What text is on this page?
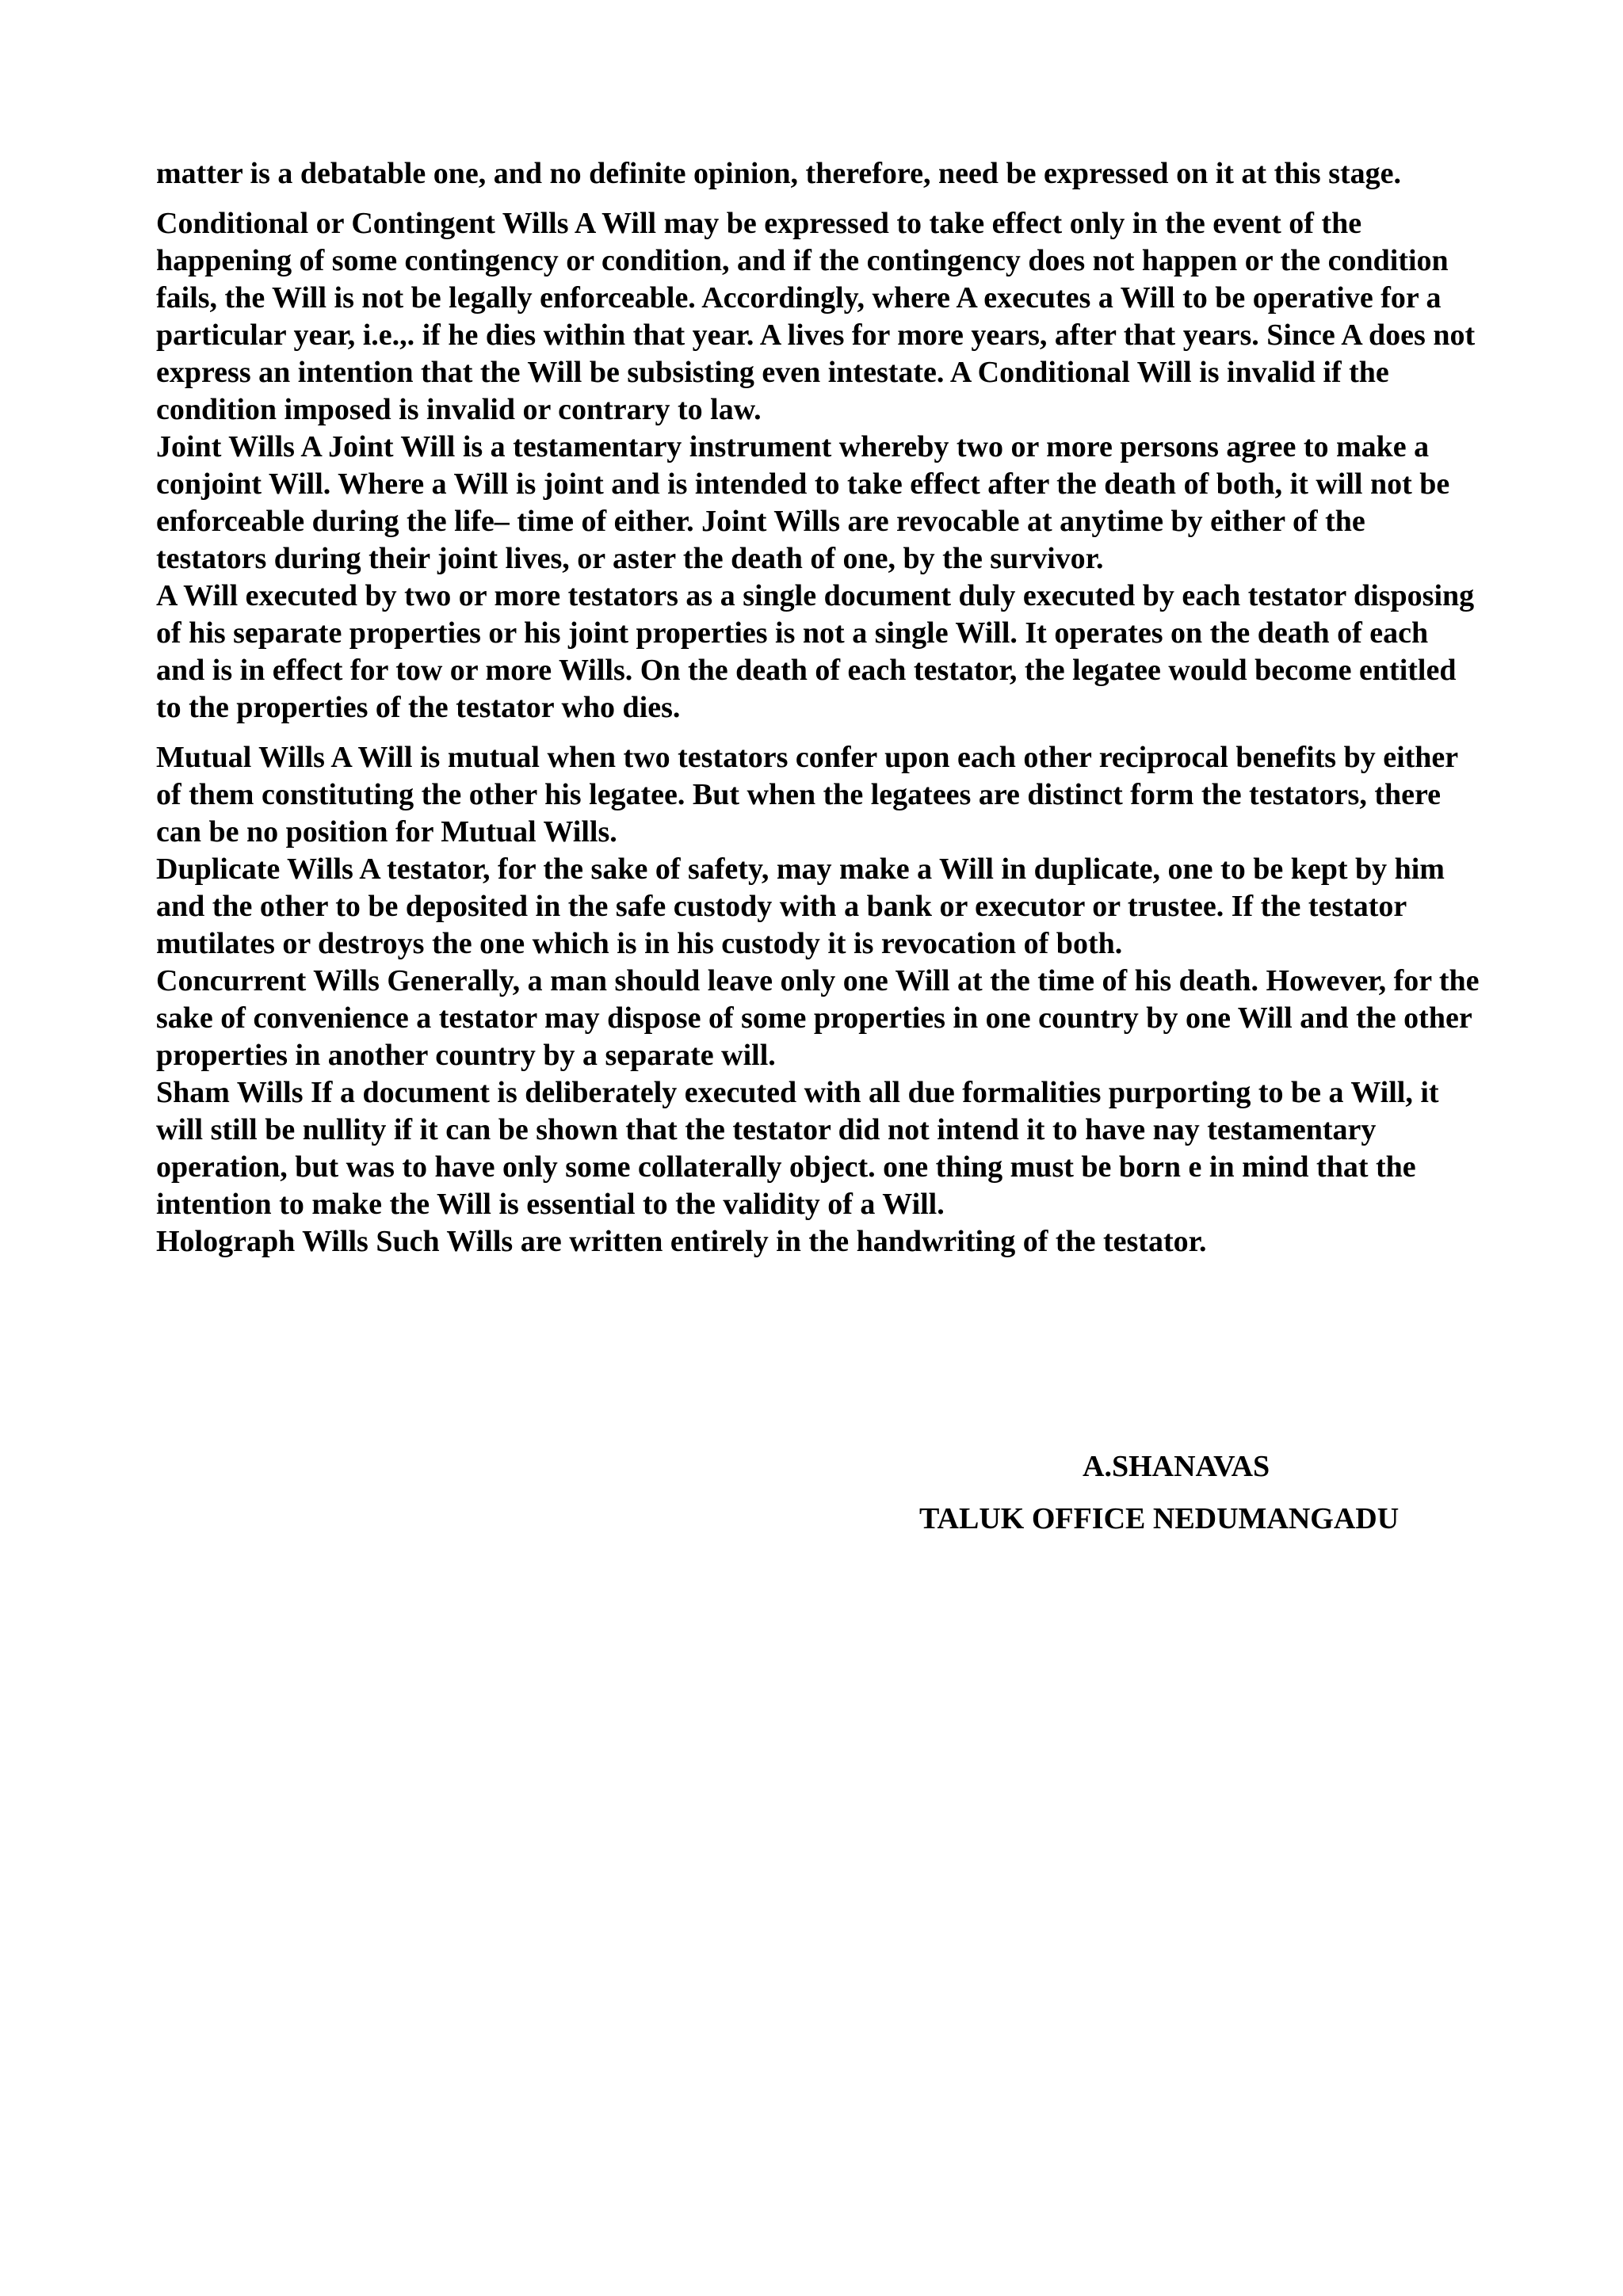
matter is a debatable one, and no definite opinion, therefore, need be expressed on it at this stage.

Conditional or Contingent Wills A Will may be expressed to take effect only in the event of the happening of some contingency or condition, and if the contingency does not happen or the condition fails, the Will is not be legally enforceable. Accordingly, where A executes a Will to be operative for a particular year, i.e.,. if he dies within that year. A lives for more years, after that years. Since A does not express an intention that the Will be subsisting even intestate. A Conditional Will is invalid if the condition imposed is invalid or contrary to law.

Joint Wills A Joint Will is a testamentary instrument whereby two or more persons agree to make a conjoint Will. Where a Will is joint and is intended to take effect after the death of both, it will not be enforceable during the life– time of either. Joint Wills are revocable at anytime by either of the testators during their joint lives, or aster the death of one, by the survivor.

A Will executed by two or more testators as a single document duly executed by each testator disposing of his separate properties or his joint properties is not a single Will. It operates on the death of each and is in effect for tow or more Wills. On the death of each testator, the legatee would become entitled to the properties of the testator who dies.

Mutual Wills A Will is mutual when two testators confer upon each other reciprocal benefits by either of them constituting the other his legatee. But when the legatees are distinct form the testators, there can be no position for Mutual Wills.

Duplicate Wills A testator, for the sake of safety, may make a Will in duplicate, one to be kept by him and the other to be deposited in the safe custody with a bank or executor or trustee. If the testator mutilates or destroys the one which is in his custody it is revocation of both.

Concurrent Wills Generally, a man should leave only one Will at the time of his death. However, for the sake of convenience a testator may dispose of some properties in one country by one Will and the other properties in another country by a separate will.

Sham Wills If a document is deliberately executed with all due formalities purporting to be a Will, it will still be nullity if it can be shown that the testator did not intend it to have nay testamentary operation, but was to have only some collaterally object. one thing must be born e in mind that the intention to make the Will is essential to the validity of a Will.

Holograph Wills Such Wills are written entirely in the handwriting of the testator.

A.SHANAVAS
TALUK OFFICE NEDUMANGADU
